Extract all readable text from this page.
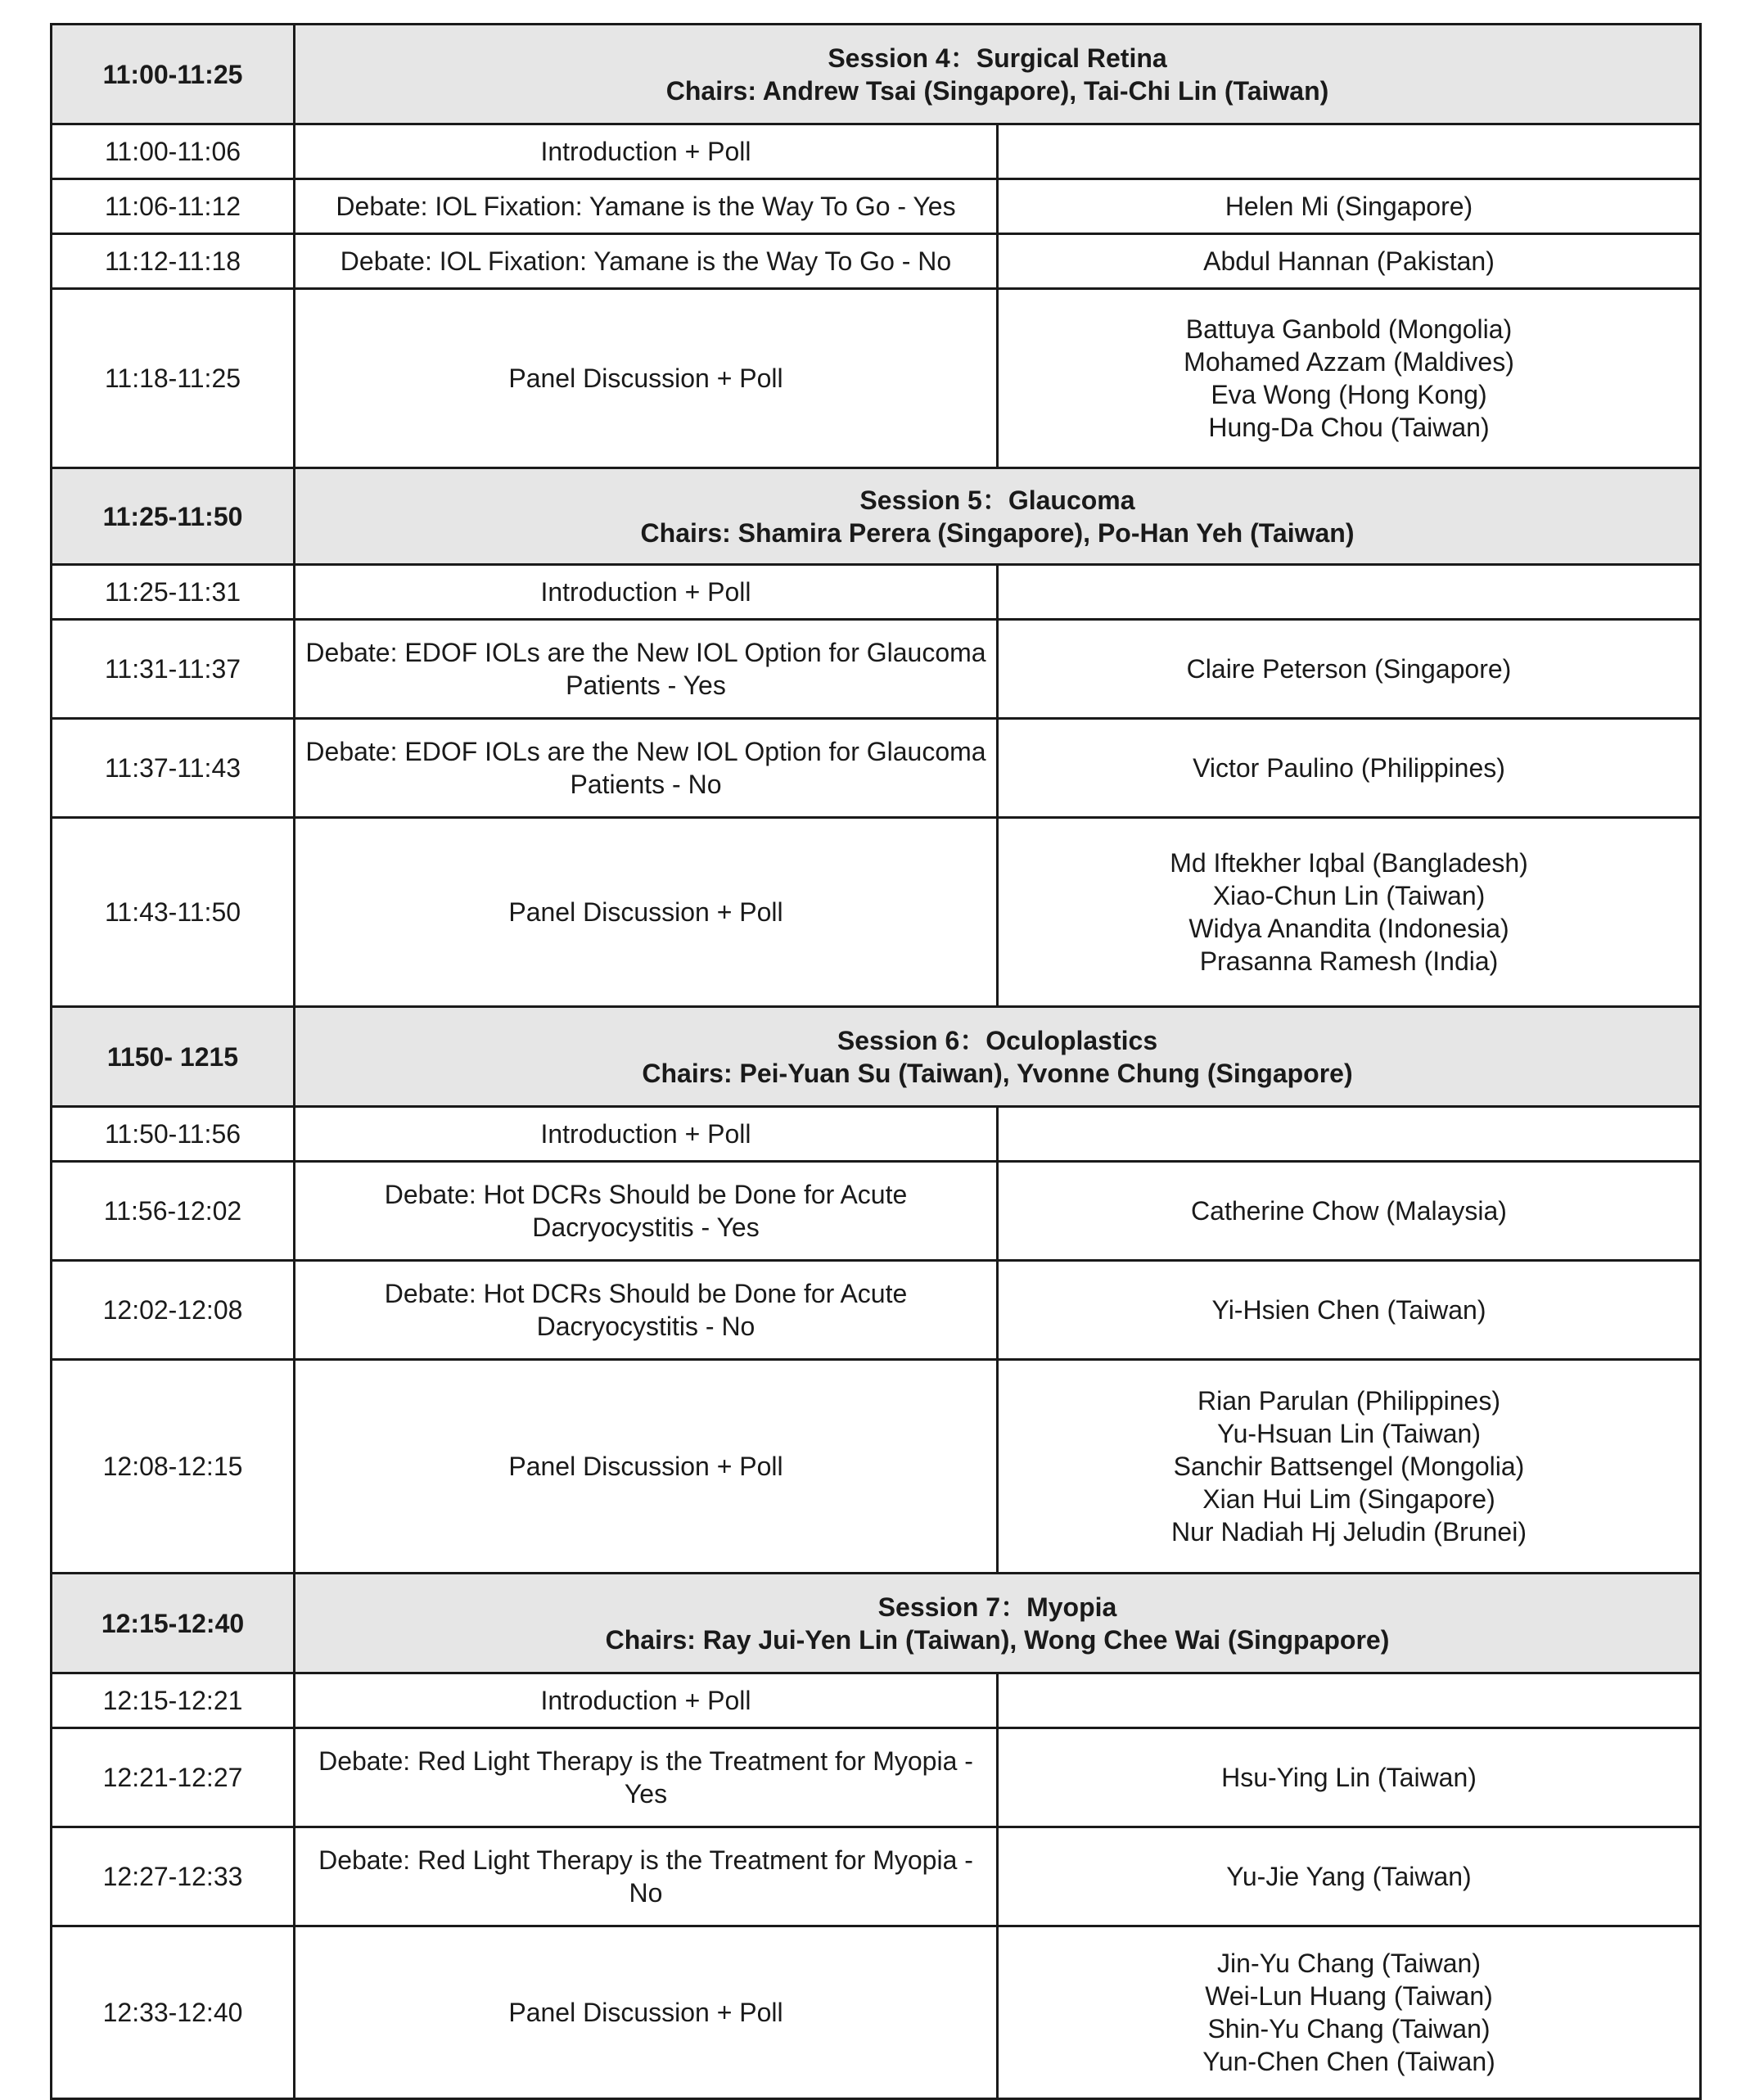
11:00-11:25	Session 4：Surgical Retina
Chairs: Andrew Tsai (Singapore), Tai-Chi Lin (Taiwan)	

11:00-11:06	Introduction + Poll	

11:06-11:12	Debate: IOL Fixation: Yamane is the Way To Go - Yes	Helen Mi (Singapore)

11:12-11:18	Debate: IOL Fixation: Yamane is the Way To Go - No	Abdul Hannan (Pakistan)

11:18-11:25	Panel Discussion + Poll	Battuya Ganbold (Mongolia)
Mohamed Azzam (Maldives)
Eva Wong (Hong Kong)
Hung-Da Chou (Taiwan)

11:25-11:50	Session 5：Glaucoma
Chairs: Shamira Perera (Singapore), Po-Han Yeh (Taiwan)	

11:25-11:31	Introduction + Poll	

11:31-11:37	Debate: EDOF IOLs are the New IOL Option for Glaucoma
Patients - Yes	Claire Peterson (Singapore)

11:37-11:43	Debate: EDOF IOLs are the New IOL Option for Glaucoma
Patients - No	Victor Paulino (Philippines)

11:43-11:50	Panel Discussion + Poll	Md Iftekher Iqbal (Bangladesh)
Xiao-Chun Lin (Taiwan)
Widya Anandita (Indonesia)
Prasanna Ramesh (India)

1150- 1215	Session 6：Oculoplastics
Chairs: Pei-Yuan Su (Taiwan), Yvonne Chung (Singapore)	

11:50-11:56	Introduction + Poll	

11:56-12:02	Debate: Hot DCRs Should be Done for Acute
Dacryocystitis - Yes	Catherine Chow (Malaysia)

12:02-12:08	Debate: Hot DCRs Should be Done for Acute
Dacryocystitis - No	Yi-Hsien Chen (Taiwan)

12:08-12:15	Panel Discussion + Poll	Rian Parulan (Philippines)
Yu-Hsuan Lin (Taiwan)
Sanchir Battsengel (Mongolia)
Xian Hui Lim (Singapore)
Nur Nadiah Hj Jeludin (Brunei)

12:15-12:40	Session 7：Myopia
Chairs: Ray Jui-Yen Lin (Taiwan), Wong Chee Wai (Singpapore)	

12:15-12:21	Introduction + Poll	

12:21-12:27	Debate: Red Light Therapy is the Treatment for Myopia -
Yes	Hsu-Ying Lin (Taiwan)

12:27-12:33	Debate: Red Light Therapy is the Treatment for Myopia -
No	Yu-Jie Yang (Taiwan)

12:33-12:40	Panel Discussion + Poll	Jin-Yu Chang (Taiwan)
Wei-Lun Huang (Taiwan)
Shin-Yu Chang (Taiwan)
Yun-Chen Chen (Taiwan)
